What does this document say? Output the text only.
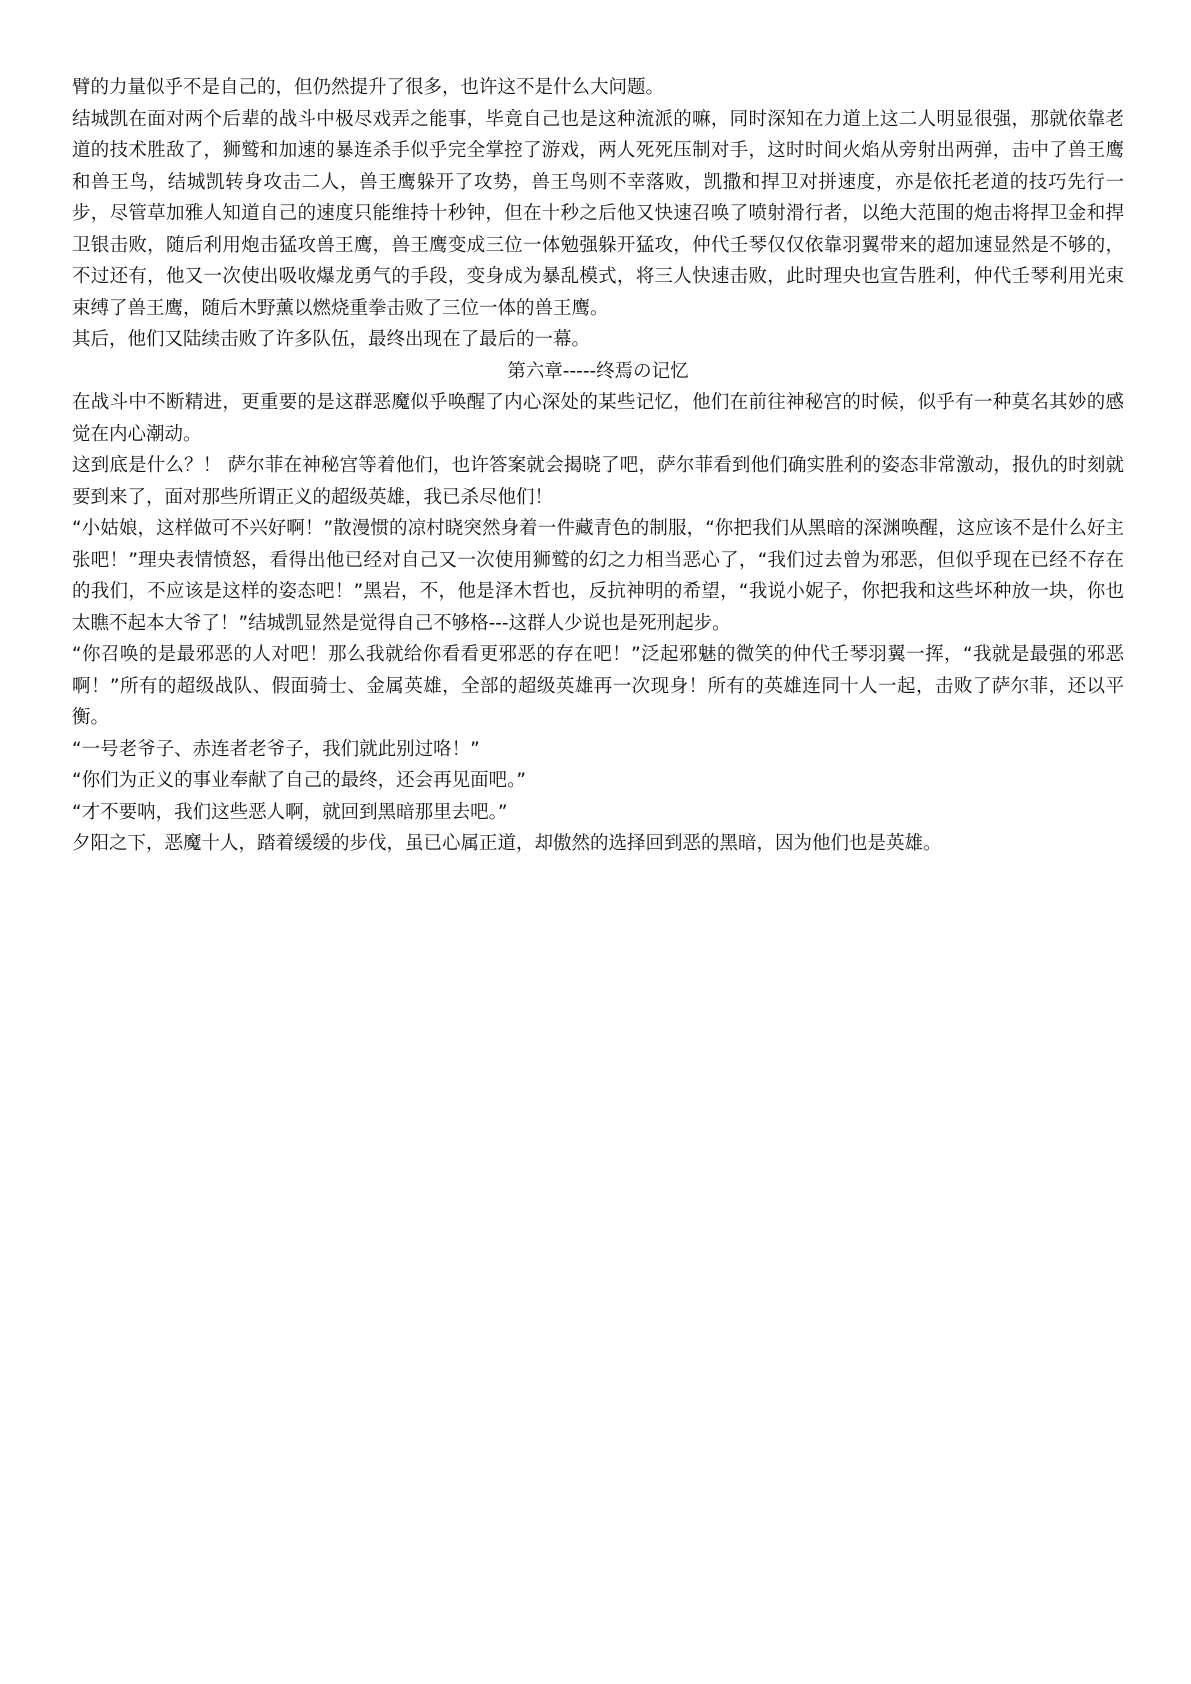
臂的力量似乎不是自己的，但仍然提升了很多，也许这不是什么大问题。

结城凯在面对两个后辈的战斗中极尽戏弄之能事，毕竟自己也是这种流派的嘛，同时深知在力道上这二人明显很强，那就依靠老道的技术胜敌了，狮鹫和加速的暴连杀手似乎完全掌控了游戏，两人死死压制对手，这时时间火焰从旁射出两弹，击中了兽王鹰和兽王鸟，结城凯转身攻击二人，兽王鹰躲开了攻势，兽王鸟则不幸落败，凯撒和捍卫对拼速度，亦是依托老道的技巧先行一步，尽管草加雅人知道自己的速度只能维持十秒钟，但在十秒之后他又快速召唤了喷射滑行者，以绝大范围的炮击将捍卫金和捍卫银击败，随后利用炮击猛攻兽王鹰，兽王鹰变成三位一体勉强躲开猛攻，仲代壬琴仅仅依靠羽翼带来的超加速显然是不够的，不过还有，他又一次使出吸收爆龙勇气的手段，变身成为暴乱模式，将三人快速击败，此时理央也宣告胜利，仲代壬琴利用光束束缚了兽王鹰，随后木野薰以燃烧重拳击败了三位一体的兽王鹰。

其后，他们又陆续击败了许多队伍，最终出现在了最后的一幕。

第六章-----终焉の记忆

在战斗中不断精进，更重要的是这群恶魔似乎唤醒了内心深处的某些记忆，他们在前往神秘宫的时候，似乎有一种莫名其妙的感觉在内心潮动。

这到底是什么？！ 萨尔菲在神秘宫等着他们，也许答案就会揭晓了吧，萨尔菲看到他们确实胜利的姿态非常激动，报仇的时刻就要到来了，面对那些所谓正义的超级英雄，我已杀尽他们！

“小姑娘，这样做可不兴好啊！”散漫惯的凉村晓突然身着一件藏青色的制服，“你把我们从黑暗的深渊唤醒，这应该不是什么好主张吧！”理央表情愤怒，看得出他已经对自己又一次使用狮鹫的幻之力相当恶心了，“我们过去曾为邪恶，但似乎现在已经不存在的我们，不应该是这样的姿态吧！”黑岩，不，他是泽木哲也，反抗神明的希望，“我说小妮子，你把我和这些坏种放一块，你也太瞧不起本大爷了！”结城凯显然是觉得自己不够格---这群人少说也是死刑起步。

“你召唤的是最邪恶的人对吧！那么我就给你看看更邪恶的存在吧！”泛起邪魅的微笑的仲代壬琴羽翼一挥，“我就是最强的邪恶啊！”所有的超级战队、假面骑士、金属英雄，全部的超级英雄再一次现身！所有的英雄连同十人一起，击败了萨尔菲，还以平衡。

“一号老爷子、赤连者老爷子，我们就此别过咯！”

“你们为正义的事业奉献了自己的最终，还会再见面吧。”

“才不要呐，我们这些恶人啊，就回到黑暗那里去吧。”

夕阳之下，恶魔十人，踏着缓缓的步伐，虽已心属正道，却傲然的选择回到恶的黑暗，因为他们也是英雄。
